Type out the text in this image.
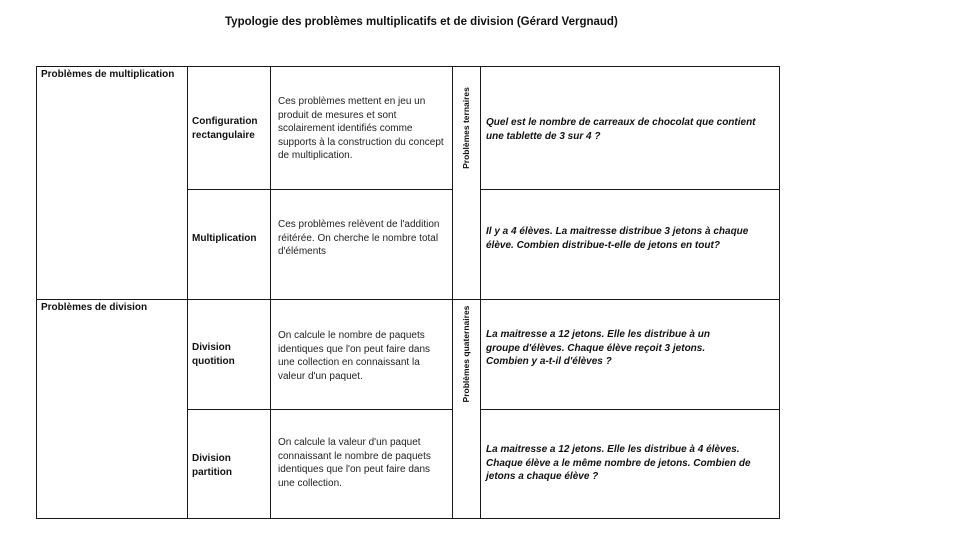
Typologie des problèmes multiplicatifs et de division (Gérard Vergnaud)
Problèmes de multiplication
Problèmes de division
Configuration rectangulaire
Ces problèmes mettent en jeu un produit de mesures et sont scolairement identifiés comme supports à la construction du concept de multiplication.
Quel est le nombre de carreaux de chocolat que contient une tablette de 3 sur 4 ?
Multiplication
Ces problèmes relèvent de l'addition réitérée. On cherche le nombre total d'éléments
Il y a 4 élèves. La maitresse distribue 3 jetons à chaque élève. Combien distribue-t-elle de jetons en tout?
Division quotition
On calcule le nombre de paquets identiques que l'on peut faire dans une collection en connaissant la valeur d'un paquet.
La maitresse a 12 jetons. Elle les distribue à un groupe d'élèves. Chaque élève reçoit 3 jetons. Combien y a-t-il d'élèves ?
Division partition
On calcule la valeur d'un paquet connaissant le nombre de paquets identiques que l'on peut faire dans une collection.
La maitresse a 12 jetons. Elle les distribue à 4 élèves. Chaque élève a le même nombre de jetons. Combien de jetons a chaque élève ?
Problèmes ternaires
Problèmes quaternaires
